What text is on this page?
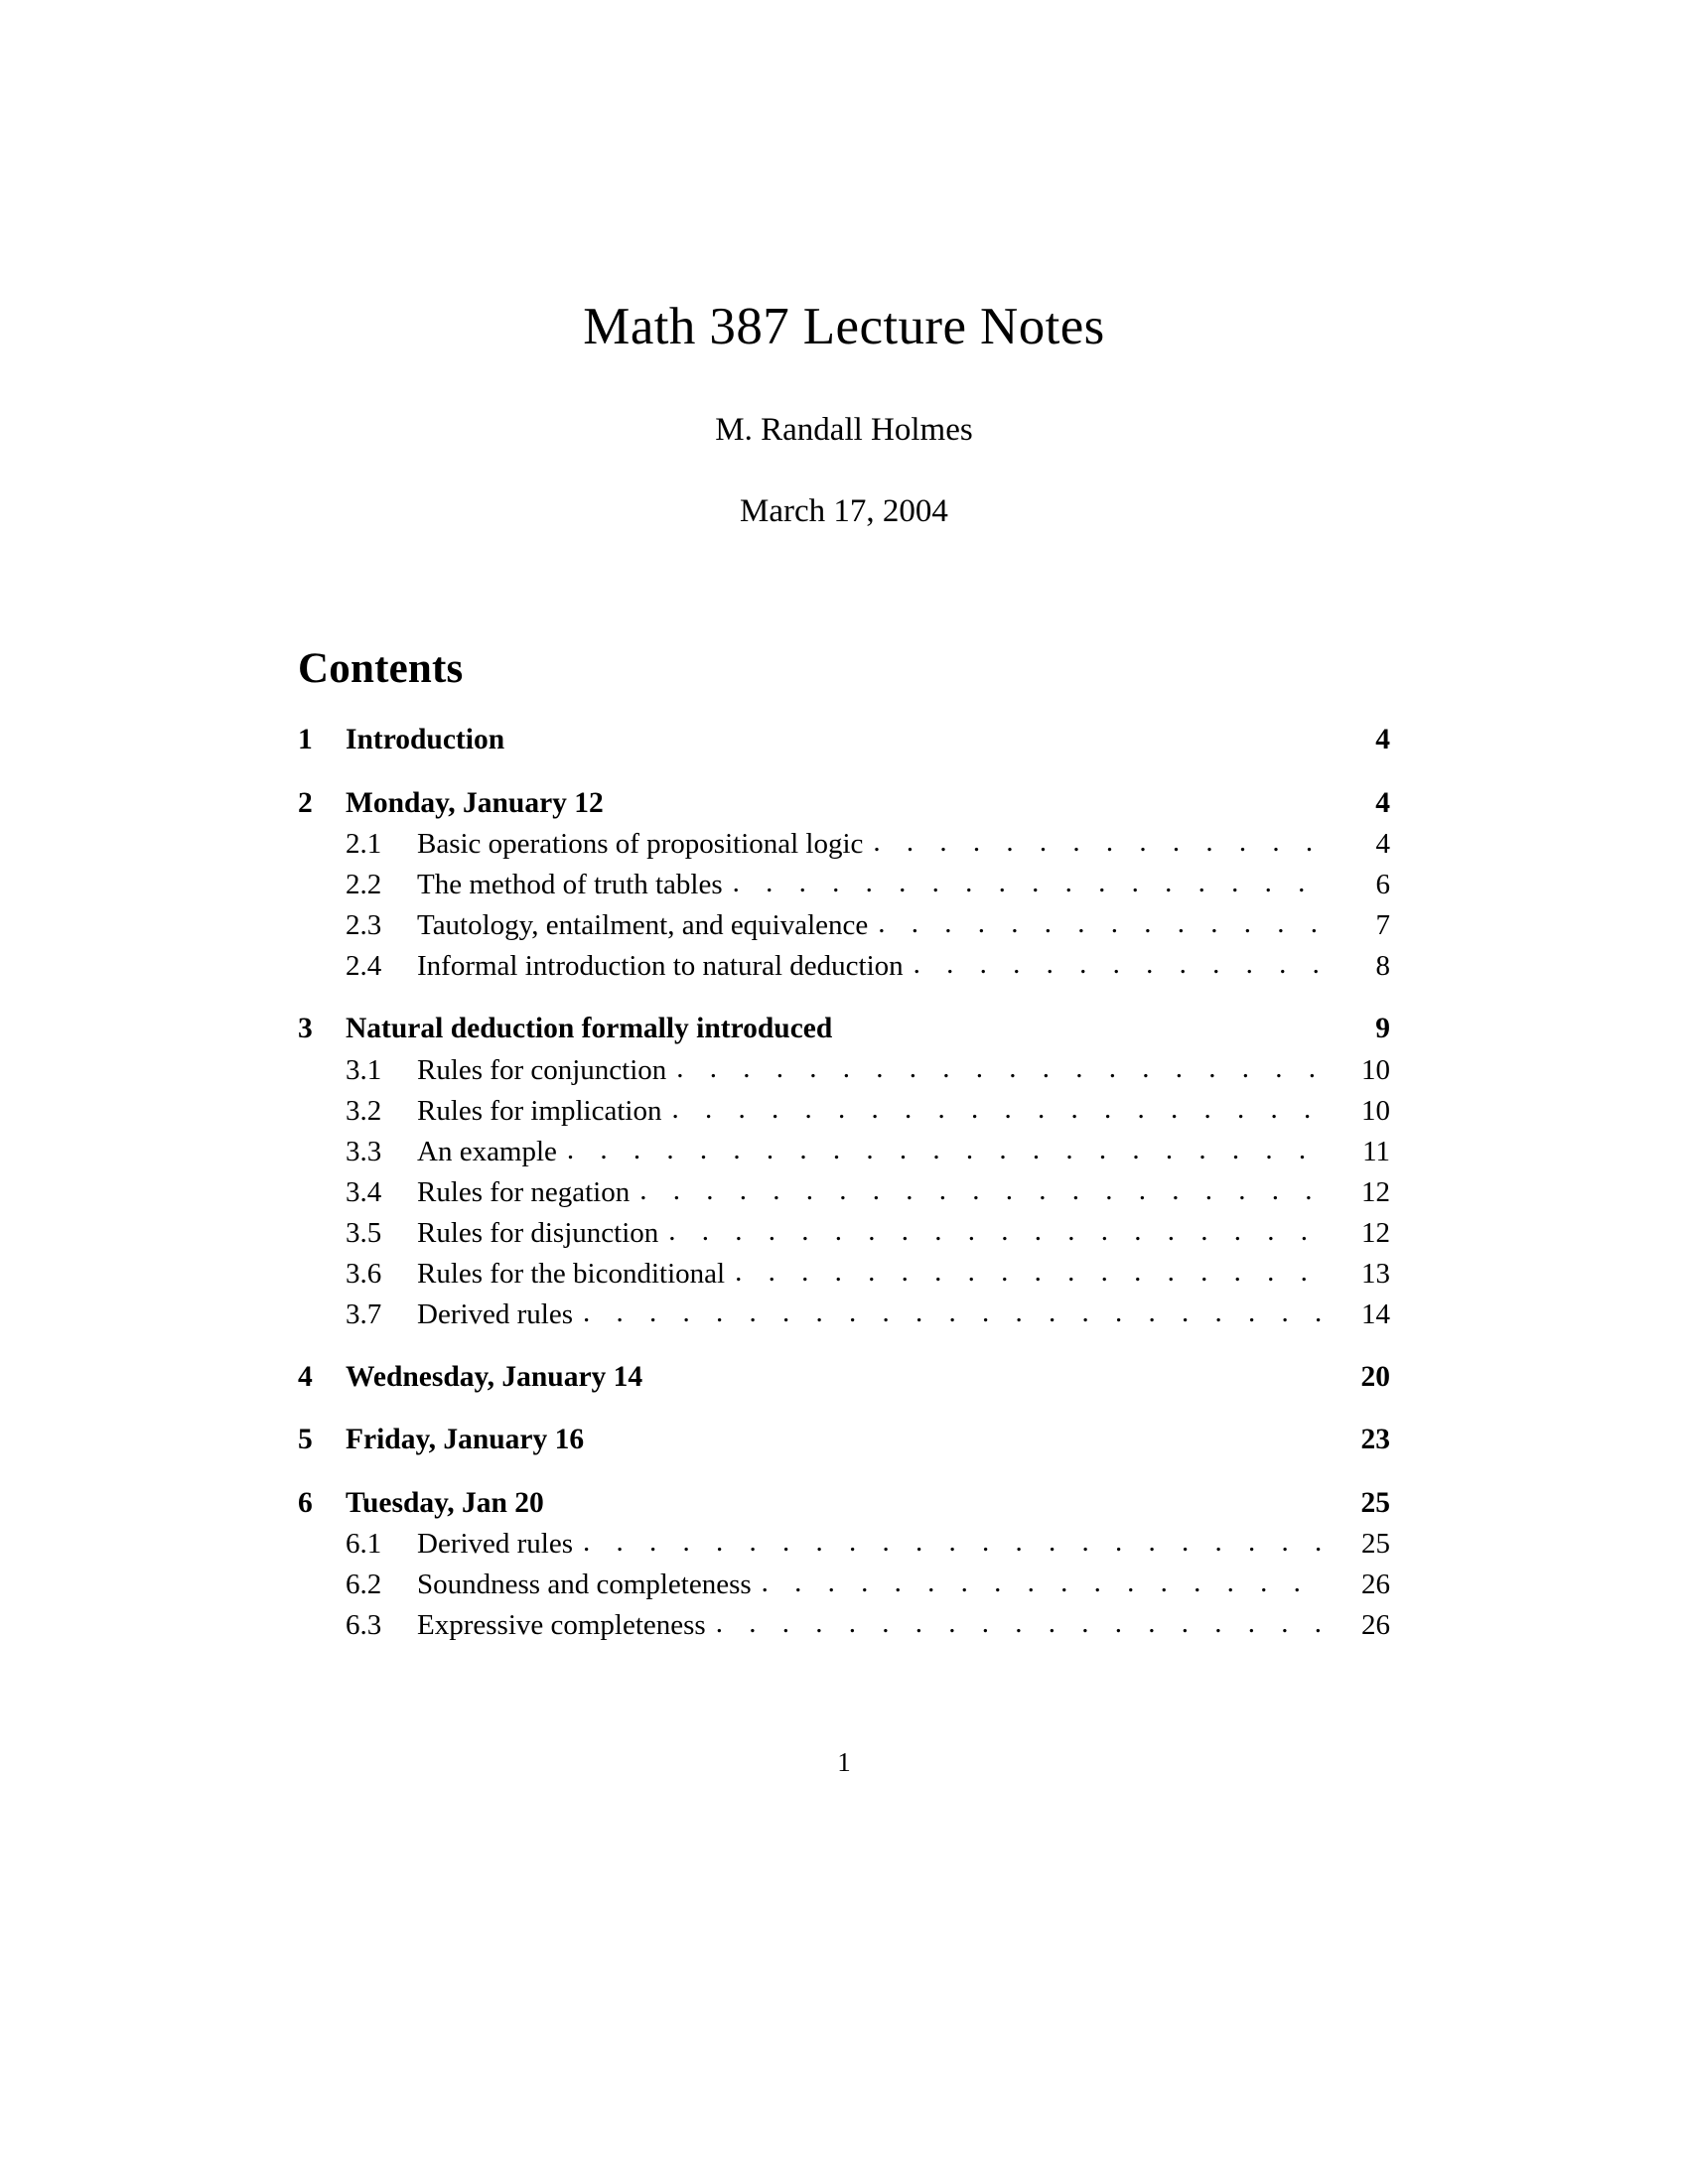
Math 387 Lecture Notes

M. Randall Holmes

March 17, 2004

Contents
1	Introduction	4
2	Monday, January 12	4
2.1	Basic operations of propositional logic . . .	4
2.2	The method of truth tables . . .	6
2.3	Tautology, entailment, and equivalence . . .	7
2.4	Informal introduction to natural deduction . . .	8
3	Natural deduction formally introduced	9
3.1	Rules for conjunction . . .	10
3.2	Rules for implication . . .	10
3.3	An example . . .	11
3.4	Rules for negation . . .	12
3.5	Rules for disjunction . . .	12
3.6	Rules for the biconditional . . .	13
3.7	Derived rules . . .	14
4	Wednesday, January 14	20
5	Friday, January 16	23
6	Tuesday, Jan 20	25
6.1	Derived rules . . .	25
6.2	Soundness and completeness . . .	26
6.3	Expressive completeness . . .	26
1
